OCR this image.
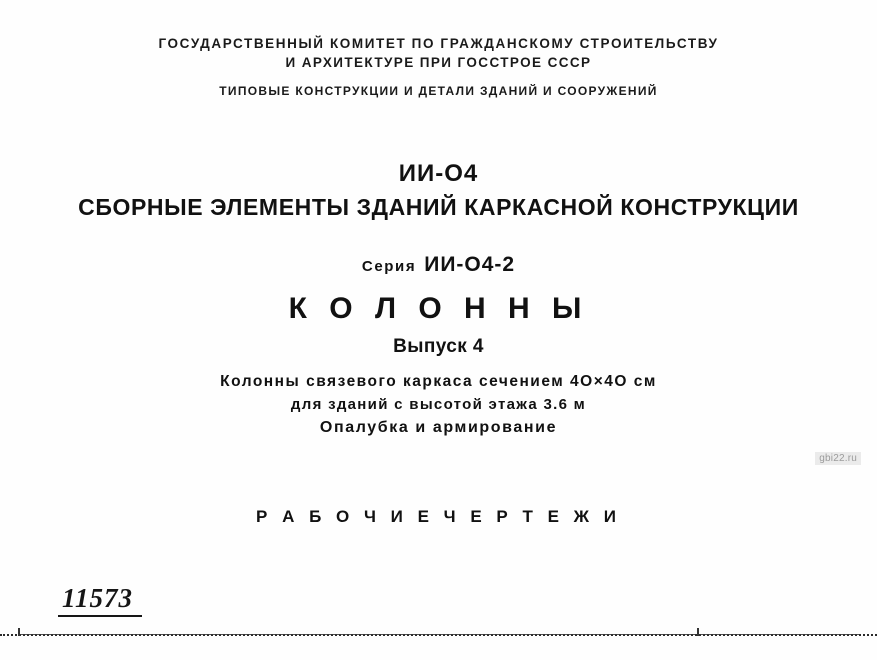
ГОСУДАРСТВЕННЫЙ КОМИТЕТ ПО ГРАЖДАНСКОМУ СТРОИТЕЛЬСТВУ
И АРХИТЕКТУРЕ ПРИ ГОССТРОЕ СССР
ТИПОВЫЕ КОНСТРУКЦИИ И ДЕТАЛИ ЗДАНИЙ И СООРУЖЕНИЙ
ИИ-О4
СБОРНЫЕ ЭЛЕМЕНТЫ ЗДАНИЙ КАРКАСНОЙ КОНСТРУКЦИИ
Серия ИИ-О4-2
К О Л О Н Н Ы
Выпуск 4
Колонны связевого каркаса сечением 4О×4О см
для зданий с высотой этажа 3.6 м
Опалубка и армирование
gbi22.ru
Р А Б О Ч И Е Ч Е Р Т Е Ж И
11573
